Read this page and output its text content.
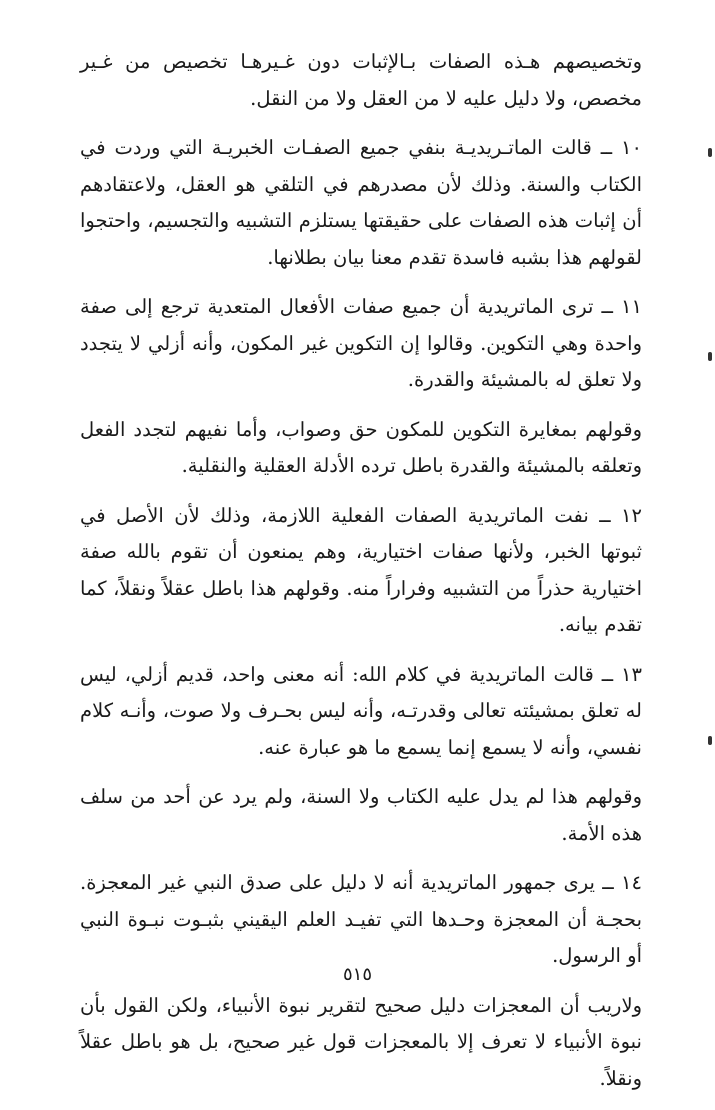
وتخصيصهم هـذه الصفات بـالإثبات دون غـيرهـا تخصيص من غـير مخصص، ولا دليل عليه لا من العقل ولا من النقل.

١٠ ــ قالت الماتـريديـة بنفي جميع الصفـات الخبريـة التي وردت في الكتاب والسنة. وذلك لأن مصدرهم في التلقي هو العقل، ولاعتقادهم أن إثبات هذه الصفات على حقيقتها يستلزم التشبيه والتجسيم، واحتجوا لقولهم هذا بشبه فاسدة تقدم معنا بيان بطلانها.

١١ ــ ترى الماتريدية أن جميع صفات الأفعال المتعدية ترجع إلى صفة واحدة وهي التكوين. وقالوا إن التكوين غير المكون، وأنه أزلي لا يتجدد ولا تعلق له بالمشيئة والقدرة.

وقولهم بمغايرة التكوين للمكون حق وصواب، وأما نفيهم لتجدد الفعل وتعلقه بالمشيئة والقدرة باطل ترده الأدلة العقلية والنقلية.

١٢ ــ نفت الماتريدية الصفات الفعلية اللازمة، وذلك لأن الأصل في ثبوتها الخبر، ولأنها صفات اختيارية، وهم يمنعون أن تقوم بالله صفة اختيارية حذراً من التشبيه وفراراً منه. وقولهم هذا باطل عقلاً ونقلاً، كما تقدم بيانه.

١٣ ــ قالت الماتريدية في كلام الله: أنه معنى واحد، قديم أزلي، ليس له تعلق بمشيئته تعالى وقدرتـه، وأنه ليس بحـرف ولا صوت، وأنـه كلام نفسي، وأنه لا يسمع إنما يسمع ما هو عبارة عنه.

وقولهم هذا لم يدل عليه الكتاب ولا السنة، ولم يرد عن أحد من سلف هذه الأمة.

١٤ ــ يرى جمهور الماتريدية أنه لا دليل على صدق النبي غير المعجزة. بحجـة أن المعجزة وحـدها التي تفيـد العلم اليقيني بثبـوت نبـوة النبي أو الرسول.

ولاريب أن المعجزات دليل صحيح لتقرير نبوة الأنبياء، ولكن القول بأن نبوة الأنبياء لا تعرف إلا بالمعجزات قول غير صحيح، بل هو باطل عقلاً ونقلاً.

٥١٥
